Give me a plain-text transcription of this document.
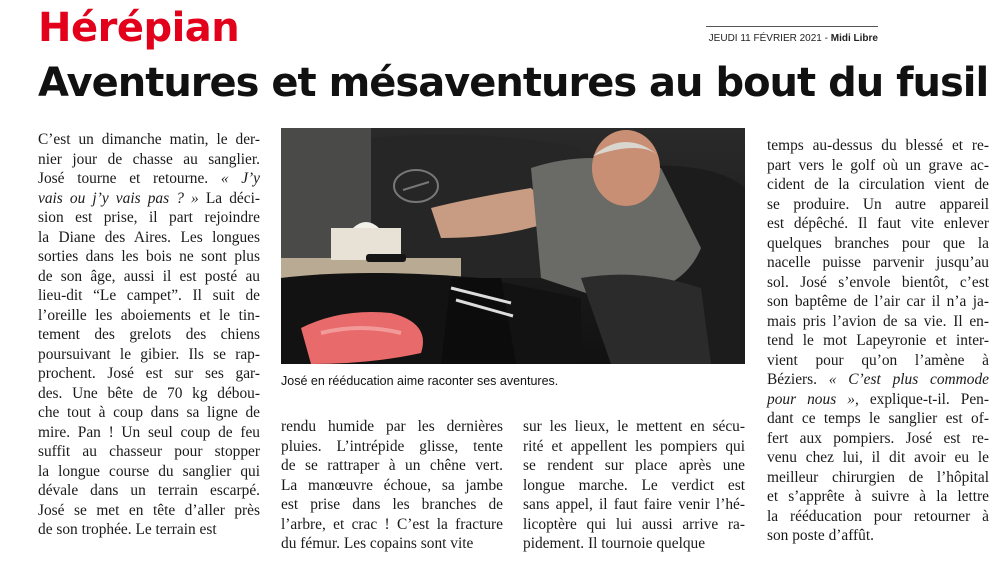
Hérépian	JEUDI 11 FÉVRIER 2021 - Midi Libre
Aventures et mésaventures au bout du fusil
C’est un dimanche matin, le der-
nier jour de chasse au sanglier.
José tourne et retourne. « J’y
vais ou j’y vais pas ? » La déci-
sion est prise, il part rejoindre
la Diane des Aires. Les longues
sorties dans les bois ne sont plus
de son âge, aussi il est posté au
lieu-dit “Le campet”. Il suit de
l’oreille les aboiements et le tin-
tement des grelots des chiens
poursuivant le gibier. Ils se rap-
prochent. José est sur ses gar-
des. Une bête de 70 kg débou-
che tout à coup dans sa ligne de
mire. Pan ! Un seul coup de feu
suffit au chasseur pour stopper
la longue course du sanglier qui
dévale dans un terrain escarpé.
José se met en tête d’aller près
de son trophée. Le terrain est
José en rééducation aime raconter ses aventures.
rendu humide par les dernières
pluies. L’intrépide glisse, tente
de se rattraper à un chêne vert.
La manœuvre échoue, sa jambe
est prise dans les branches de
l’arbre, et crac ! C’est la fracture
du fémur. Les copains sont vite
sur les lieux, le mettent en sécu-
rité et appellent les pompiers qui
se rendent sur place après une
longue marche. Le verdict est
sans appel, il faut faire venir l’hé-
licoptère qui lui aussi arrive ra-
pidement. Il tournoie quelque
temps au-dessus du blessé et re-
part vers le golf où un grave ac-
cident de la circulation vient de
se produire. Un autre appareil
est dépêché. Il faut vite enlever
quelques branches pour que la
nacelle puisse parvenir jusqu’au
sol. José s’envole bientôt, c’est
son baptême de l’air car il n’a ja-
mais pris l’avion de sa vie. Il en-
tend le mot Lapeyronie et inter-
vient pour qu’on l’amène à
Béziers. « C’est plus commode
pour nous », explique-t-il. Pen-
dant ce temps le sanglier est of-
fert aux pompiers. José est re-
venu chez lui, il dit avoir eu le
meilleur chirurgien de l’hôpital
et s’apprête à suivre à la lettre
la rééducation pour retourner à
son poste d’affût.
